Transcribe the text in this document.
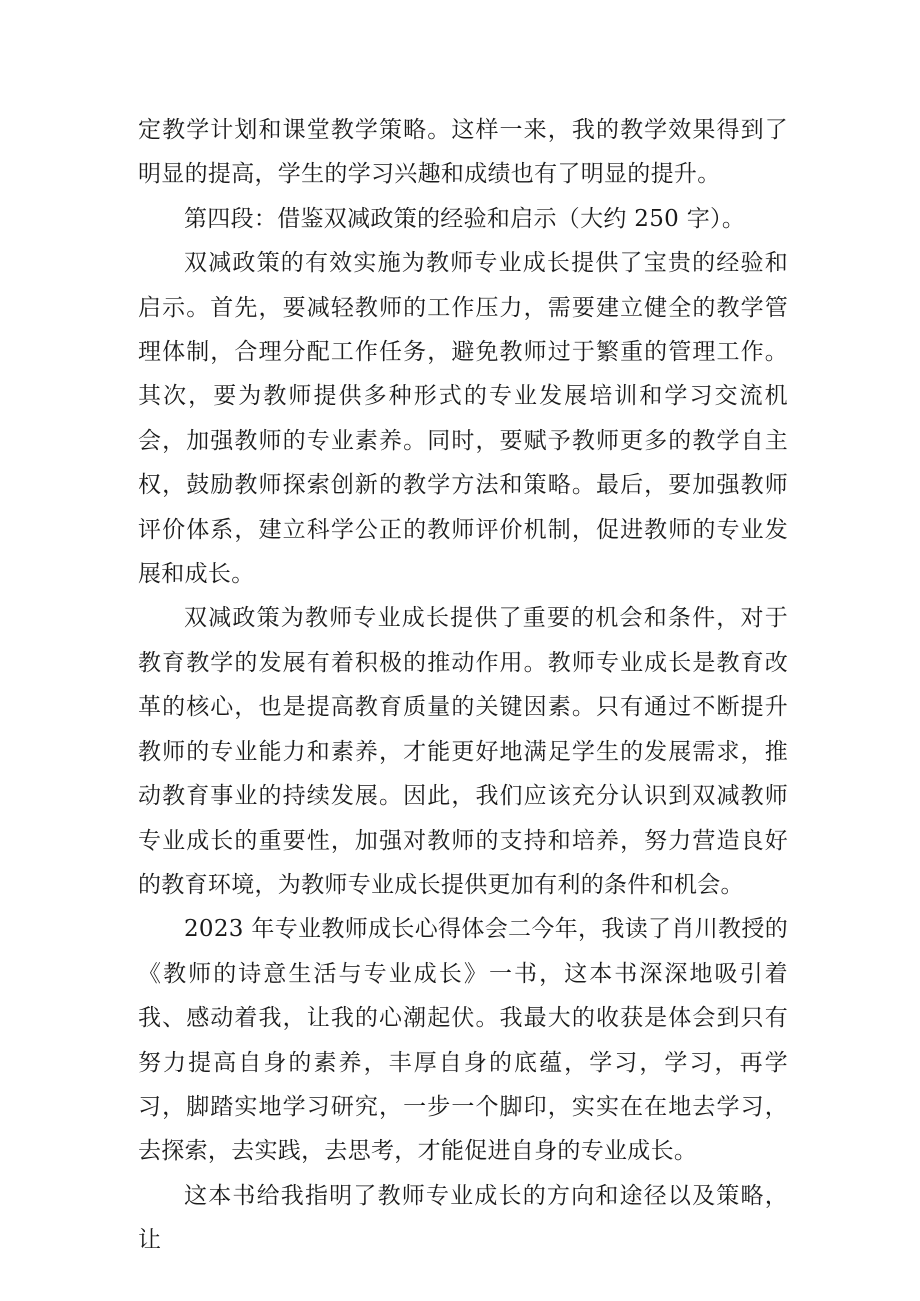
定教学计划和课堂教学策略。这样一来，我的教学效果得到了明显的提高，学生的学习兴趣和成绩也有了明显的提升。

第四段：借鉴双减政策的经验和启示（大约 250 字）。

双减政策的有效实施为教师专业成长提供了宝贵的经验和启示。首先，要减轻教师的工作压力，需要建立健全的教学管理体制，合理分配工作任务，避免教师过于繁重的管理工作。其次，要为教师提供多种形式的专业发展培训和学习交流机会，加强教师的专业素养。同时，要赋予教师更多的教学自主权，鼓励教师探索创新的教学方法和策略。最后，要加强教师评价体系，建立科学公正的教师评价机制，促进教师的专业发展和成长。

双减政策为教师专业成长提供了重要的机会和条件，对于教育教学的发展有着积极的推动作用。教师专业成长是教育改革的核心，也是提高教育质量的关键因素。只有通过不断提升教师的专业能力和素养，才能更好地满足学生的发展需求，推动教育事业的持续发展。因此，我们应该充分认识到双减教师专业成长的重要性，加强对教师的支持和培养，努力营造良好的教育环境，为教师专业成长提供更加有利的条件和机会。

2023 年专业教师成长心得体会二今年，我读了肖川教授的《教师的诗意生活与专业成长》一书，这本书深深地吸引着我、感动着我，让我的心潮起伏。我最大的收获是体会到只有努力提高自身的素养，丰厚自身的底蕴，学习，学习，再学习，脚踏实地学习研究，一步一个脚印，实实在在地去学习，去探索，去实践，去思考，才能促进自身的专业成长。

这本书给我指明了教师专业成长的方向和途径以及策略，让
